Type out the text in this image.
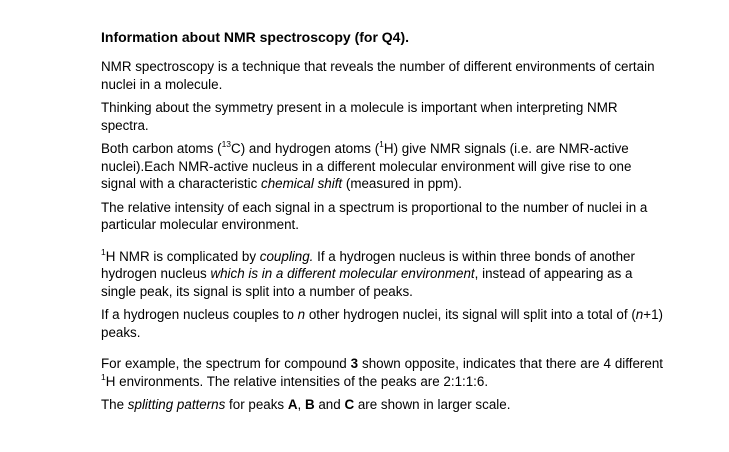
Information about NMR spectroscopy (for Q4).
NMR spectroscopy is a technique that reveals the number of different environments of certain nuclei in a molecule.
Thinking about the symmetry present in a molecule is important when interpreting NMR spectra.
Both carbon atoms ($^{13}$C) and hydrogen atoms ($^1$H) give NMR signals (i.e. are NMR-active nuclei).Each NMR-active nucleus in a different molecular environment will give rise to one signal with a characteristic chemical shift (measured in ppm).
The relative intensity of each signal in a spectrum is proportional to the number of nuclei in a particular molecular environment.
$^1$H NMR is complicated by coupling. If a hydrogen nucleus is within three bonds of another hydrogen nucleus which is in a different molecular environment, instead of appearing as a single peak, its signal is split into a number of peaks.
If a hydrogen nucleus couples to n other hydrogen nuclei, its signal will split into a total of (n+1) peaks.
For example, the spectrum for compound 3 shown opposite, indicates that there are 4 different $^1$H environments. The relative intensities of the peaks are 2:1:1:6.
The splitting patterns for peaks A, B and C are shown in larger scale.
